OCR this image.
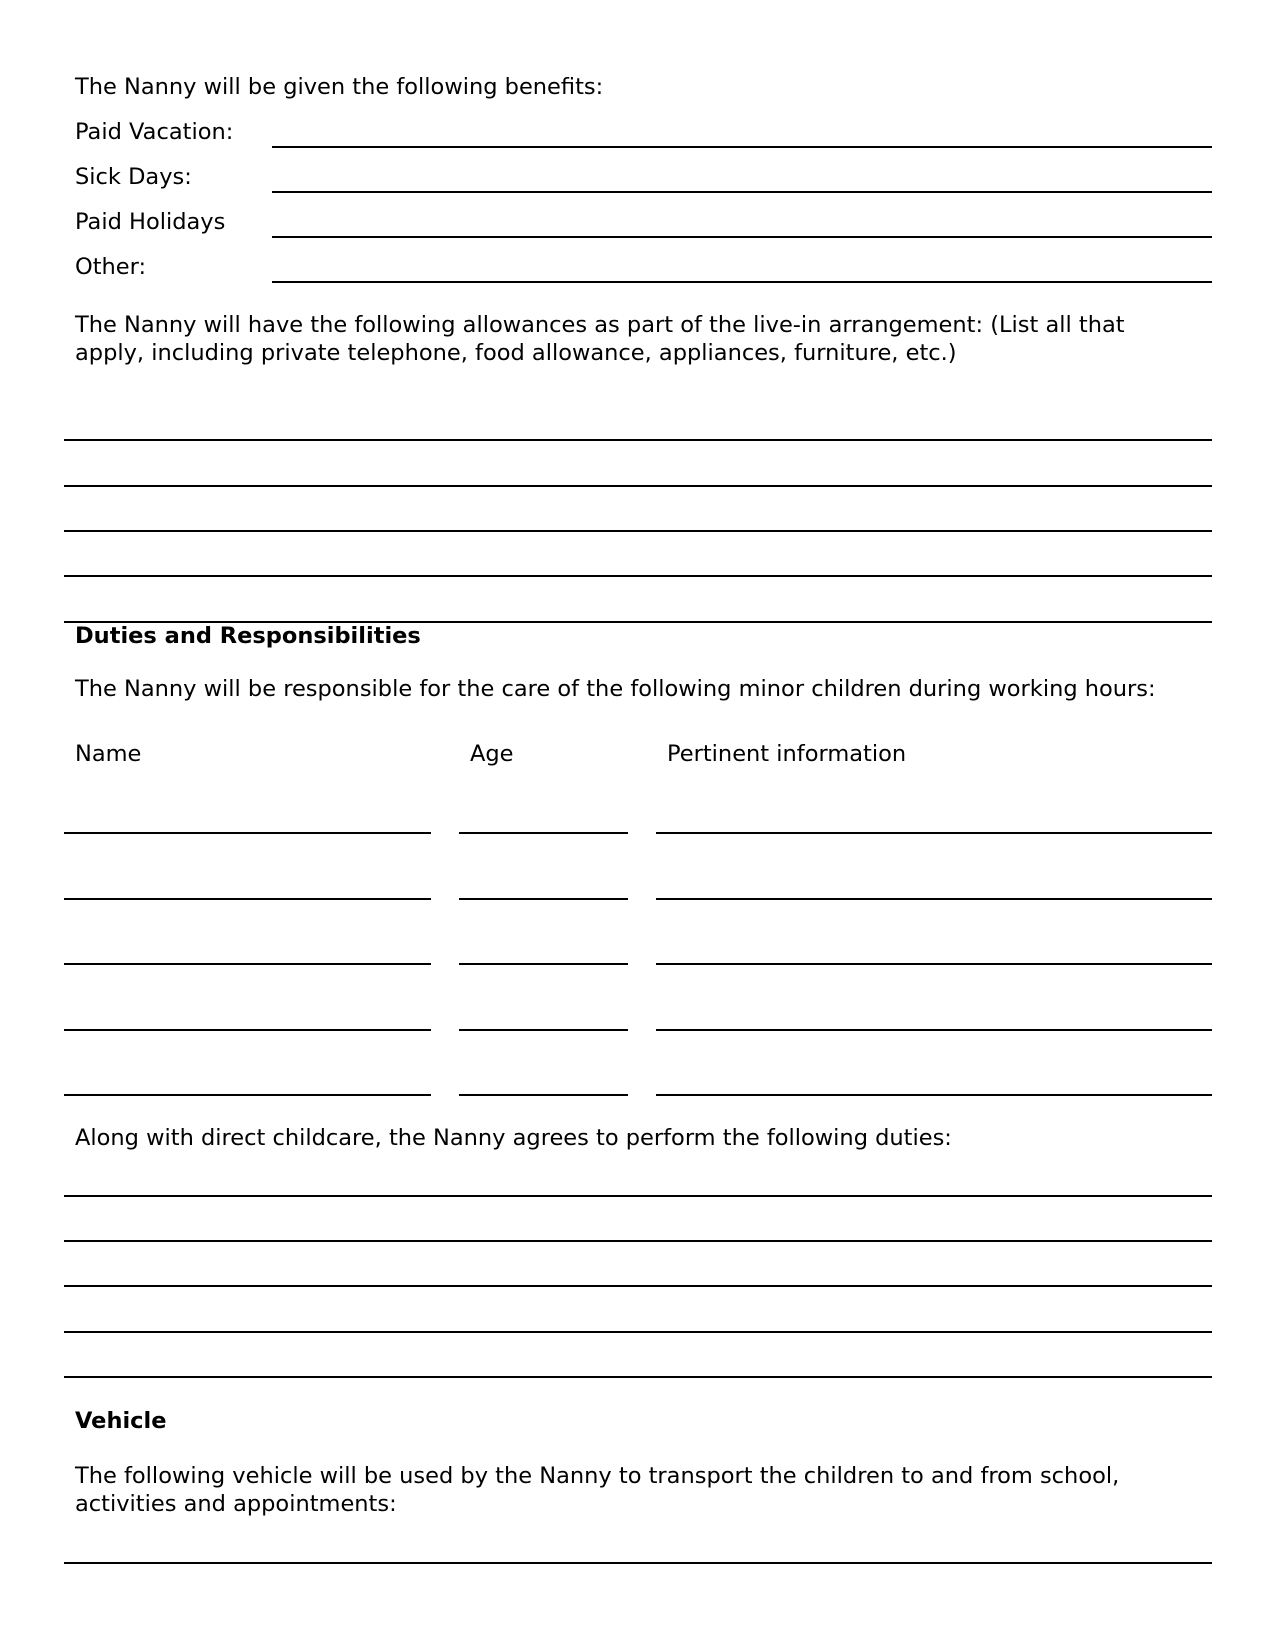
The Nanny will be given the following benefits:
Paid Vacation:
Sick Days:
Paid Holidays
Other:
The Nanny will have the following allowances as part of the live-in arrangement: (List all that
apply, including private telephone, food allowance, appliances, furniture, etc.)
Duties and Responsibilities
The Nanny will be responsible for the care of the following minor children during working hours:
Name	Age	Pertinent information
Along with direct childcare, the Nanny agrees to perform the following duties:
Vehicle
The following vehicle will be used by the Nanny to transport the children to and from school,
activities and appointments:
